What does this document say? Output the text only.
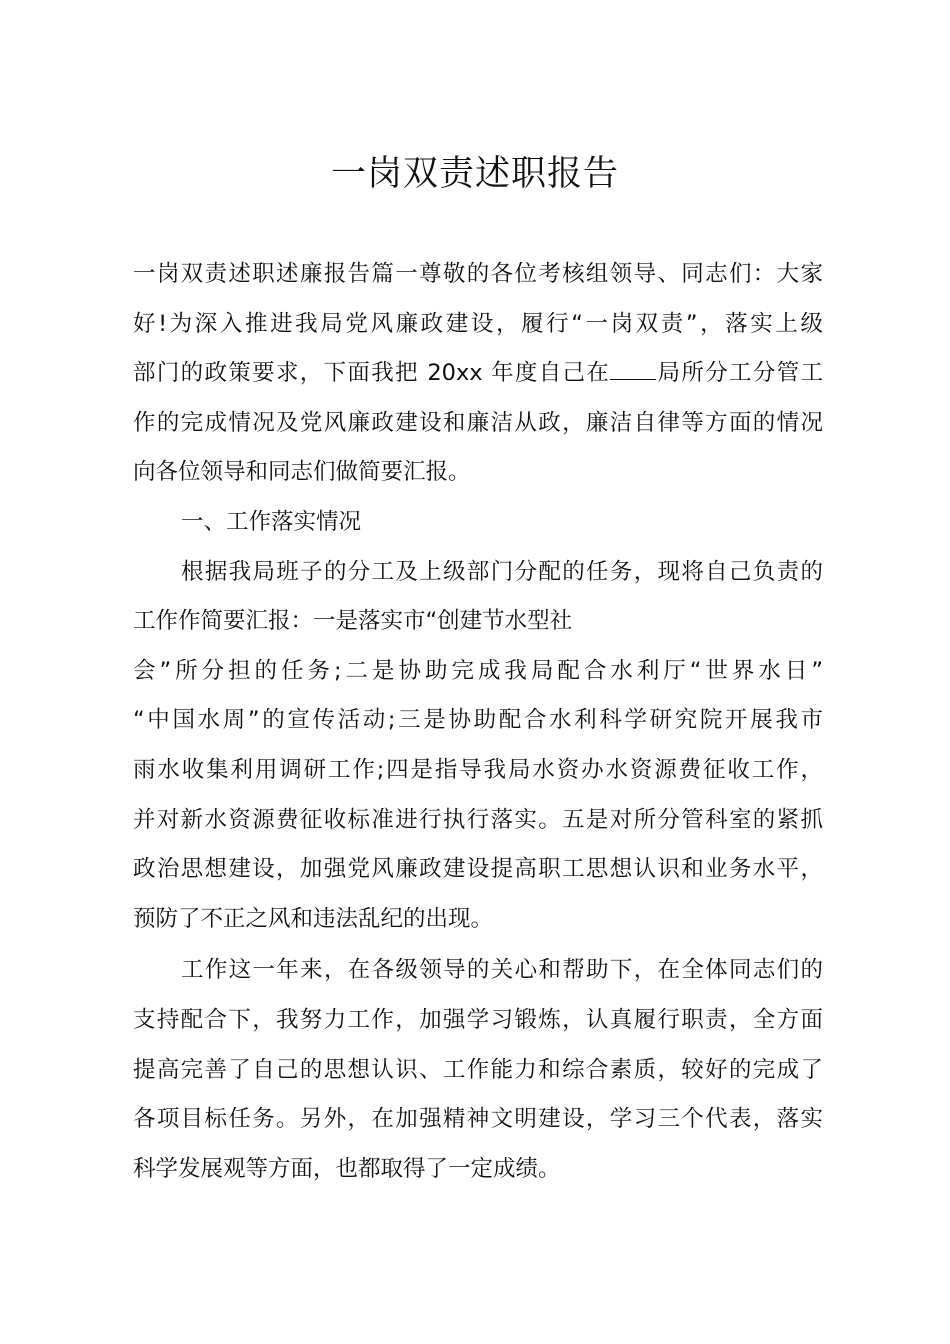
一岗双责述职报告
一岗双责述职述廉报告篇一尊敬的各位考核组领导、同志们：大家
好!为深入推进我局党风廉政建设，履行“一岗双责”，落实上级
部门的政策要求，下面我把 20xx 年度自己在 局所分工分管工
作的完成情况及党风廉政建设和廉洁从政，廉洁自律等方面的情况
向各位领导和同志们做简要汇报。
一、工作落实情况
根据我局班子的分工及上级部门分配的任务，现将自己负责的
工作作简要汇报：一是落实市“创建节水型社
会”所分担的任务;二是协助完成我局配合水利厅“世界水日”
“中国水周”的宣传活动;三是协助配合水利科学研究院开展我市
雨水收集利用调研工作;四是指导我局水资办水资源费征收工作，
并对新水资源费征收标准进行执行落实。五是对所分管科室的紧抓
政治思想建设，加强党风廉政建设提高职工思想认识和业务水平，
预防了不正之风和违法乱纪的出现。
工作这一年来，在各级领导的关心和帮助下，在全体同志们的
支持配合下，我努力工作，加强学习锻炼，认真履行职责，全方面
提高完善了自己的思想认识、工作能力和综合素质，较好的完成了
各项目标任务。另外，在加强精神文明建设，学习三个代表，落实
科学发展观等方面，也都取得了一定成绩。
